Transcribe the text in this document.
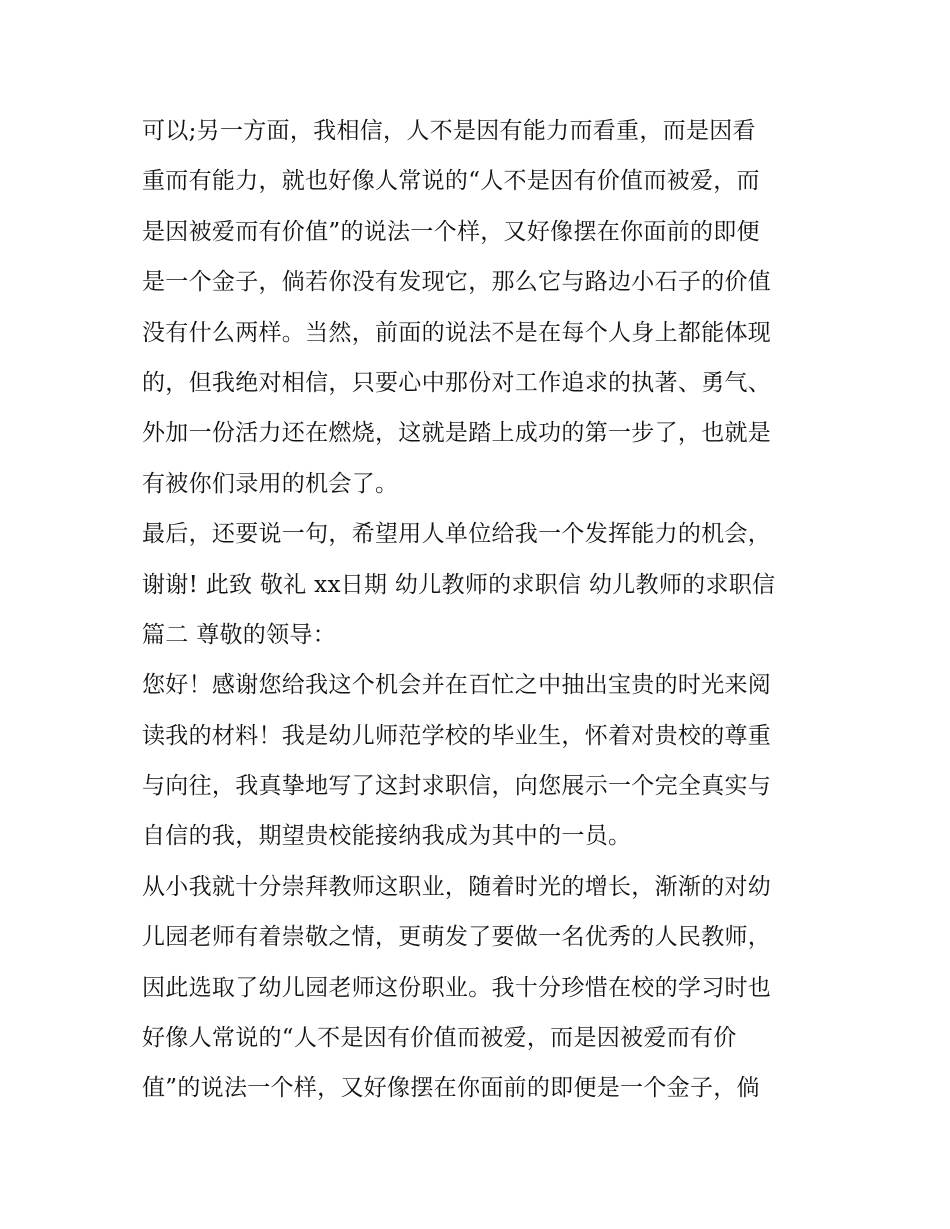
可以;另一方面，我相信，人不是因有能力而看重，而是因看
重而有能力，就也好像人常说的“人不是因有价值而被爱，而
是因被爱而有价值”的说法一个样，又好像摆在你面前的即便
是一个金子，倘若你没有发现它，那么它与路边小石子的价值
没有什么两样。当然，前面的说法不是在每个人身上都能体现
的，但我绝对相信，只要心中那份对工作追求的执著、勇气、
外加一份活力还在燃烧，这就是踏上成功的第一步了，也就是
有被你们录用的机会了。
最后，还要说一句，希望用人单位给我一个发挥能力的机会，
谢谢! 此致 敬礼 xx日期 幼儿教师的求职信 幼儿教师的求职信
篇二 尊敬的领导：
您好！感谢您给我这个机会并在百忙之中抽出宝贵的时光来阅
读我的材料！我是幼儿师范学校的毕业生，怀着对贵校的尊重
与向往，我真挚地写了这封求职信，向您展示一个完全真实与
自信的我，期望贵校能接纳我成为其中的一员。
从小我就十分崇拜教师这职业，随着时光的增长，渐渐的对幼
儿园老师有着崇敬之情，更萌发了要做一名优秀的人民教师，
因此选取了幼儿园老师这份职业。我十分珍惜在校的学习时也
好像人常说的“人不是因有价值而被爱，而是因被爱而有价
值”的说法一个样，又好像摆在你面前的即便是一个金子，倘
